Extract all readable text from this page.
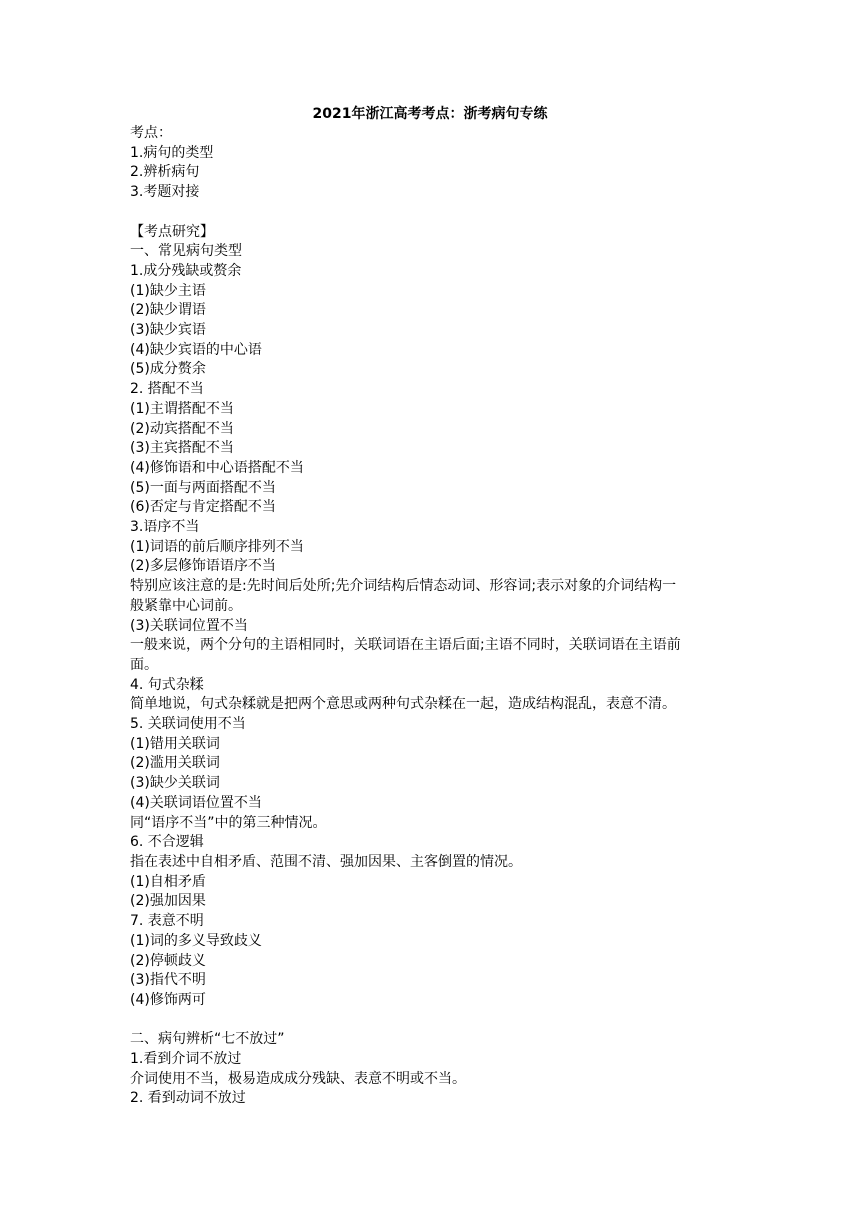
2021年浙江高考考点：浙考病句专练
考点：
1.病句的类型
2.辨析病句
3.考题对接
【考点研究】
一、常见病句类型
1.成分残缺或赘余
(1)缺少主语
(2)缺少谓语
(3)缺少宾语
(4)缺少宾语的中心语
(5)成分赘余
2. 搭配不当
(1)主谓搭配不当
(2)动宾搭配不当
(3)主宾搭配不当
(4)修饰语和中心语搭配不当
(5)一面与两面搭配不当
(6)否定与肯定搭配不当
3.语序不当
(1)词语的前后顺序排列不当
(2)多层修饰语语序不当
特别应该注意的是:先时间后处所;先介词结构后情态动词、形容词;表示对象的介词结构一
般紧靠中心词前。
(3)关联词位置不当
一般来说，两个分句的主语相同时，关联词语在主语后面;主语不同时，关联词语在主语前
面。
4. 句式杂糅
简单地说，句式杂糅就是把两个意思或两种句式杂糅在一起，造成结构混乱，表意不清。
5. 关联词使用不当
(1)错用关联词
(2)滥用关联词
(3)缺少关联词
(4)关联词语位置不当
同“语序不当”中的第三种情况。
6. 不合逻辑
指在表述中自相矛盾、范围不清、强加因果、主客倒置的情况。
(1)自相矛盾
(2)强加因果
7. 表意不明
(1)词的多义导致歧义
(2)停顿歧义
(3)指代不明
(4)修饰两可
二、病句辨析“七不放过”
1.看到介词不放过
介词使用不当，极易造成成分残缺、表意不明或不当。
2. 看到动词不放过
